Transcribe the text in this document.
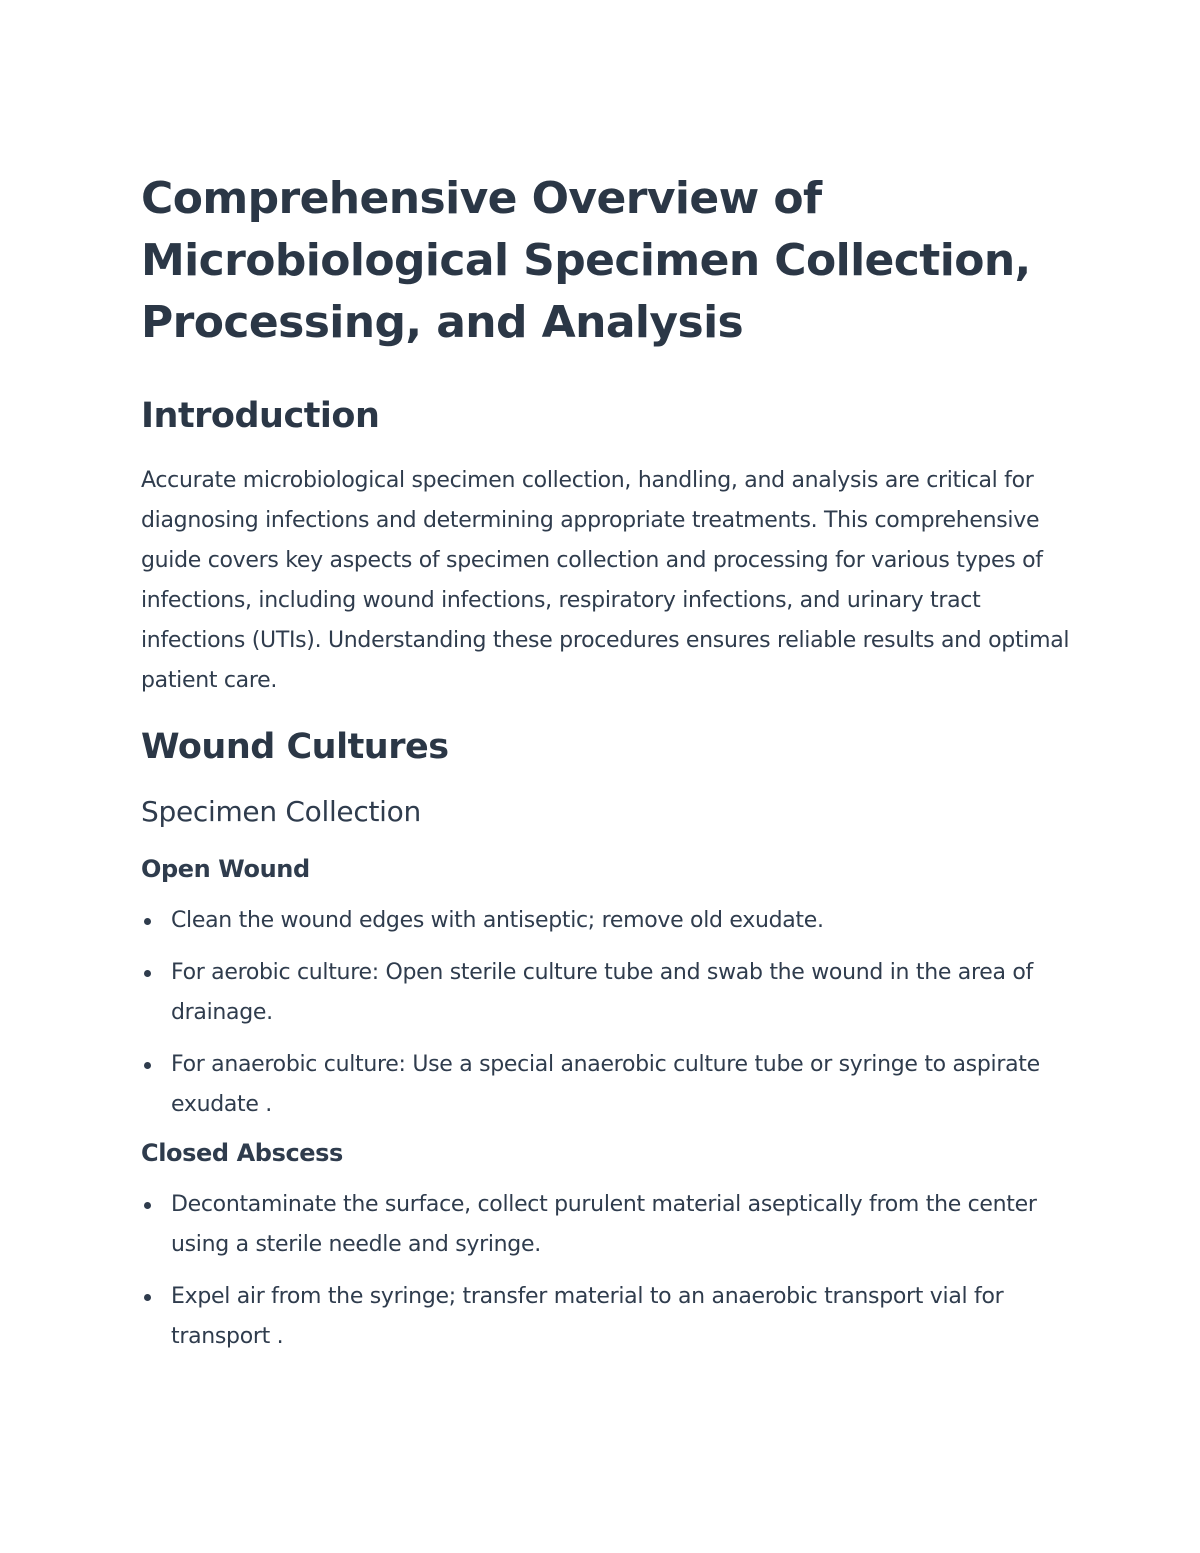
Comprehensive Overview of Microbiological Specimen Collection, Processing, and Analysis
Introduction

Accurate microbiological specimen collection, handling, and analysis are critical for diagnosing infections and determining appropriate treatments. This comprehensive guide covers key aspects of specimen collection and processing for various types of infections, including wound infections, respiratory infections, and urinary tract infections (UTIs). Understanding these procedures ensures reliable results and optimal patient care.

Wound Cultures
Specimen Collection
Open Wound
Clean the wound edges with antiseptic; remove old exudate.
For aerobic culture: Open sterile culture tube and swab the wound in the area of drainage.
For anaerobic culture: Use a special anaerobic culture tube or syringe to aspirate exudate .
Closed Abscess
Decontaminate the surface, collect purulent material aseptically from the center using a sterile needle and syringe.
Expel air from the syringe; transfer material to an anaerobic transport vial for transport .
